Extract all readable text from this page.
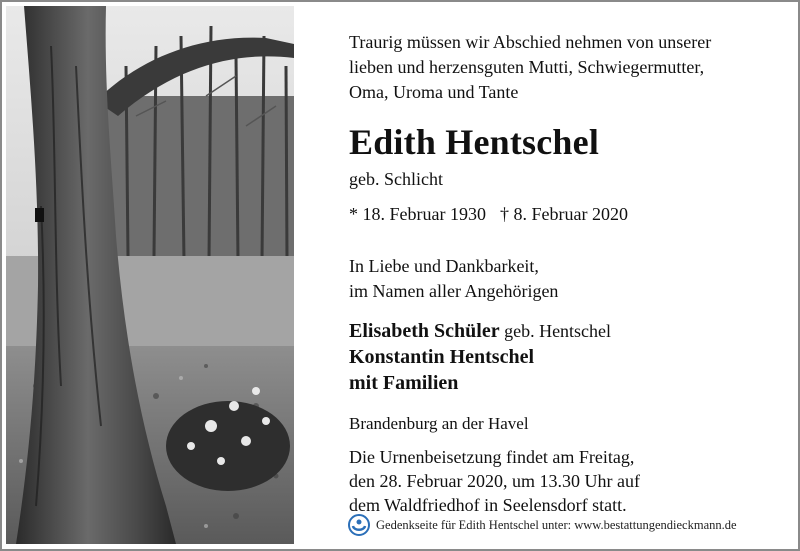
Traurig müssen wir Abschied nehmen von unserer
lieben und herzensguten Mutti, Schwiegermutter,
Oma, Uroma und Tante

Edith Hentschel

geb. Schlicht

* 18. Februar 1930 † 8. Februar 2020

In Liebe und Dankbarkeit,
im Namen aller Angehörigen

Elisabeth Schüler geb. Hentschel
Konstantin Hentschel
mit Familien

Brandenburg an der Havel

Die Urnenbeisetzung findet am Freitag,
den 28. Februar 2020, um 13.30 Uhr auf
dem Waldfriedhof in Seelensdorf statt.

Gedenkseite für Edith Hentschel unter: www.bestattungendieckmann.de
